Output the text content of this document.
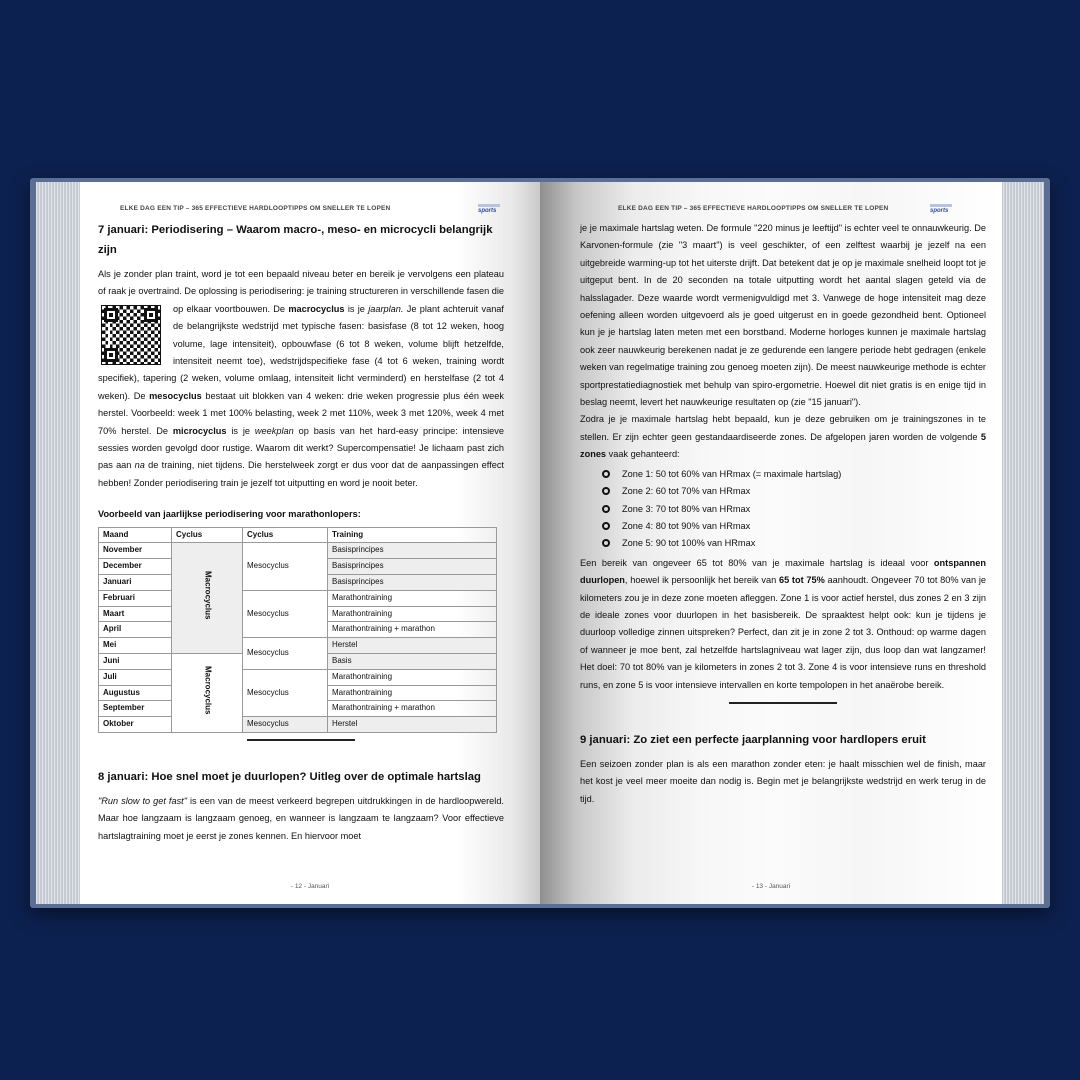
ELKE DAG EEN TIP – 365 EFFECTIEVE HARDLOOPTIPPS OM SNELLER TE LOPEN	sports
7 januari: Periodisering – Waarom macro-, meso- en microcycli belangrijk zijn

Als je zonder plan traint, word je tot een bepaald niveau beter en bereik je vervolgens een plateau of raak je overtraind. De oplossing is periodisering: je training structureren in verschillende fasen die op elkaar voortbouwen. De macrocyclus is je jaarplan. Je plant achteruit vanaf de belangrijkste wedstrijd met typische fasen: basisfase (8 tot 12 weken, hoog volume, lage intensiteit), opbouwfase (6 tot 8 weken, volume blijft hetzelfde, intensiteit neemt toe), wedstrijdspecifieke fase (4 tot 6 weken, training wordt specifiek), tapering (2 weken, volume omlaag, intensiteit licht verminderd) en herstelfase (2 tot 4 weken). De mesocyclus bestaat uit blokken van 4 weken: drie weken progressie plus één week herstel. Voorbeeld: week 1 met 100% belasting, week 2 met 110%, week 3 met 120%, week 4 met 70% herstel. De microcyclus is je weekplan op basis van het hard-easy principe: intensieve sessies worden gevolgd door rustige. Waarom dit werkt? Supercompensatie! Je lichaam past zich pas aan na de training, niet tijdens. Die herstelweek zorgt er dus voor dat de aanpassingen effect hebben! Zonder periodisering train je jezelf tot uitputting en word je nooit beter.

Voorbeeld van jaarlijkse periodisering voor marathonlopers:
Maand	Cyclus	Cyclus	Training
November	Macrocyclus	Mesocyclus	Basisprincipes
December			Basisprincipes
Januari			Basisprincipes
Februari		Mesocyclus	Marathontraining
Maart			Marathontraining
April			Marathontraining + marathon
Mei		Mesocyclus	Herstel
Juni	Macrocyclus		Basis
Juli		Mesocyclus	Marathontraining
Augustus			Marathontraining
September			Marathontraining + marathon
Oktober		Mesocyclus	Herstel
8 januari: Hoe snel moet je duurlopen? Uitleg over de optimale hartslag

"Run slow to get fast" is een van de meest verkeerd begrepen uitdrukkingen in de hardloopwereld. Maar hoe langzaam is langzaam genoeg, en wanneer is langzaam te langzaam? Voor effectieve hartslagtraining moet je eerst je zones kennen. En hiervoor moet

- 12 - Januari
ELKE DAG EEN TIP – 365 EFFECTIEVE HARDLOOPTIPPS OM SNELLER TE LOPEN	sports

je je maximale hartslag weten. De formule "220 minus je leeftijd" is echter veel te onnauwkeurig. De Karvonen-formule (zie "3 maart") is veel geschikter, of een zelftest waarbij je jezelf na een uitgebreide warming-up tot het uiterste drijft. Dat betekent dat je op je maximale snelheid loopt tot je uitgeput bent. In de 20 seconden na totale uitputting wordt het aantal slagen geteld via de halsslagader. Deze waarde wordt vermenigvuldigd met 3. Vanwege de hoge intensiteit mag deze oefening alleen worden uitgevoerd als je goed uitgerust en in goede gezondheid bent. Optioneel kun je je hartslag laten meten met een borstband. Moderne horloges kunnen je maximale hartslag ook zeer nauwkeurig berekenen nadat je ze gedurende een langere periode hebt gedragen (enkele weken van regelmatige training zou genoeg moeten zijn). De meest nauwkeurige methode is echter sportprestatiediagnostiek met behulp van spiro-ergometrie. Hoewel dit niet gratis is en enige tijd in beslag neemt, levert het nauwkeurige resultaten op (zie "15 januari").

Zodra je je maximale hartslag hebt bepaald, kun je deze gebruiken om je trainingszones in te stellen. Er zijn echter geen gestandaardiseerde zones. De afgelopen jaren worden de volgende 5 zones vaak gehanteerd:

Zone 1: 50 tot 60% van HRmax (= maximale hartslag)
Zone 2: 60 tot 70% van HRmax
Zone 3: 70 tot 80% van HRmax
Zone 4: 80 tot 90% van HRmax
Zone 5: 90 tot 100% van HRmax

Een bereik van ongeveer 65 tot 80% van je maximale hartslag is ideaal voor ontspannen duurlopen, hoewel ik persoonlijk het bereik van 65 tot 75% aanhoudt. Ongeveer 70 tot 80% van je kilometers zou je in deze zone moeten afleggen. Zone 1 is voor actief herstel, dus zones 2 en 3 zijn de ideale zones voor duurlopen in het basisbereik. De spraaktest helpt ook: kun je tijdens je duurloop volledige zinnen uitspreken? Perfect, dan zit je in zone 2 tot 3. Onthoud: op warme dagen of wanneer je moe bent, zal hetzelfde hartslagniveau wat lager zijn, dus loop dan wat langzamer! Het doel: 70 tot 80% van je kilometers in zones 2 tot 3. Zone 4 is voor intensieve runs en threshold runs, en zone 5 is voor intensieve intervallen en korte tempolopen in het anaërobe bereik.

9 januari: Zo ziet een perfecte jaarplanning voor hardlopers eruit

Een seizoen zonder plan is als een marathon zonder eten: je haalt misschien wel de finish, maar het kost je veel meer moeite dan nodig is. Begin met je belangrijkste wedstrijd en werk terug in de tijd.

- 13 - Januari
